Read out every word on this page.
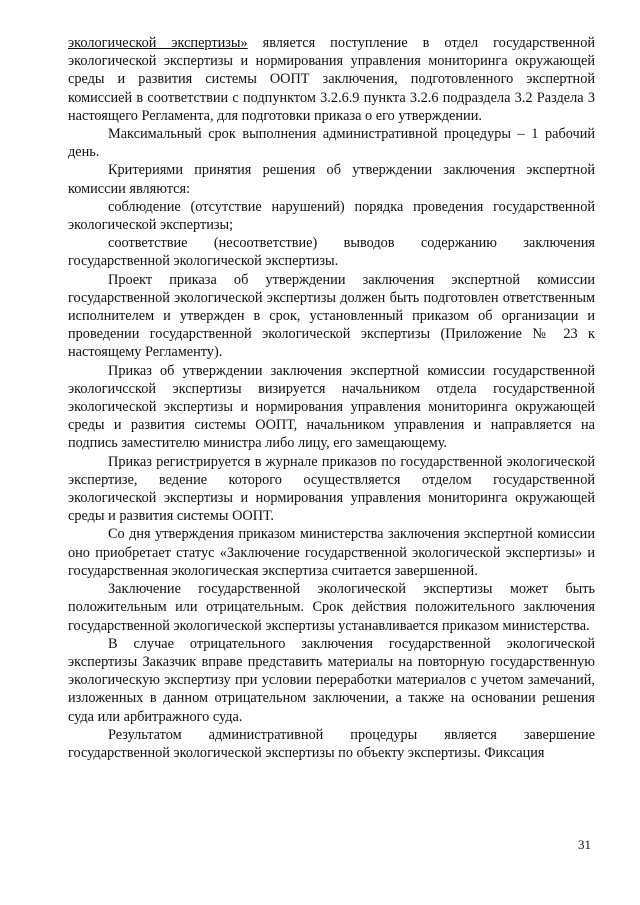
экологической экспертизы» является поступление в отдел государственной экологической экспертизы и нормирования управления мониторинга окружающей среды и развития системы ООПТ заключения, подготовленного экспертной комиссией в соответствии с подпунктом 3.2.6.9 пункта 3.2.6 подраздела 3.2 Раздела 3 настоящего Регламента, для подготовки приказа о его утверждении.

Максимальный срок выполнения административной процедуры – 1 рабочий день.

Критериями принятия решения об утверждении заключения экспертной комиссии являются:

соблюдение (отсутствие нарушений) порядка проведения государственной экологической экспертизы;

соответствие (несоответствие) выводов содержанию заключения государственной экологической экспертизы.

Проект приказа об утверждении заключения экспертной комиссии государственной экологической экспертизы должен быть подготовлен ответственным исполнителем и утвержден в срок, установленный приказом об организации и проведении государственной экологической экспертизы (Приложение № 23 к настоящему Регламенту).

Приказ об утверждении заключения экспертной комиссии государственной экологичсской экспертизы визируется начальником отдела государственной экологической экспертизы и нормирования управления мониторинга окружающей среды и развития системы ООПТ, начальником управления и направляется на подпись заместителю министра либо лицу, его замещающему.

Приказ регистрируется в журнале приказов по государственной экологической экспертизе, ведение которого осуществляется отделом государственной экологической экспертизы и нормирования управления мониторинга окружающей среды и развития системы ООПТ.

Со дня утверждения приказом министерства заключения экспертной комиссии оно приобретает статус «Заключение государственной экологической экспертизы» и государственная экологическая экспертиза считается завершенной.

Заключение государственной экологической экспертизы может быть положительным или отрицательным. Срок действия положительного заключения государственной экологической экспертизы устанавливается приказом министерства.

В случае отрицательного заключения государственной экологической экспертизы Заказчик вправе представить материалы на повторную государственную экологическую экспертизу при условии переработки материалов с учетом замечаний, изложенных в данном отрицательном заключении, а также на основании решения суда или арбитражного суда.

Результатом административной процедуры является завершение государственной экологической экспертизы по объекту экспертизы. Фиксация

31
